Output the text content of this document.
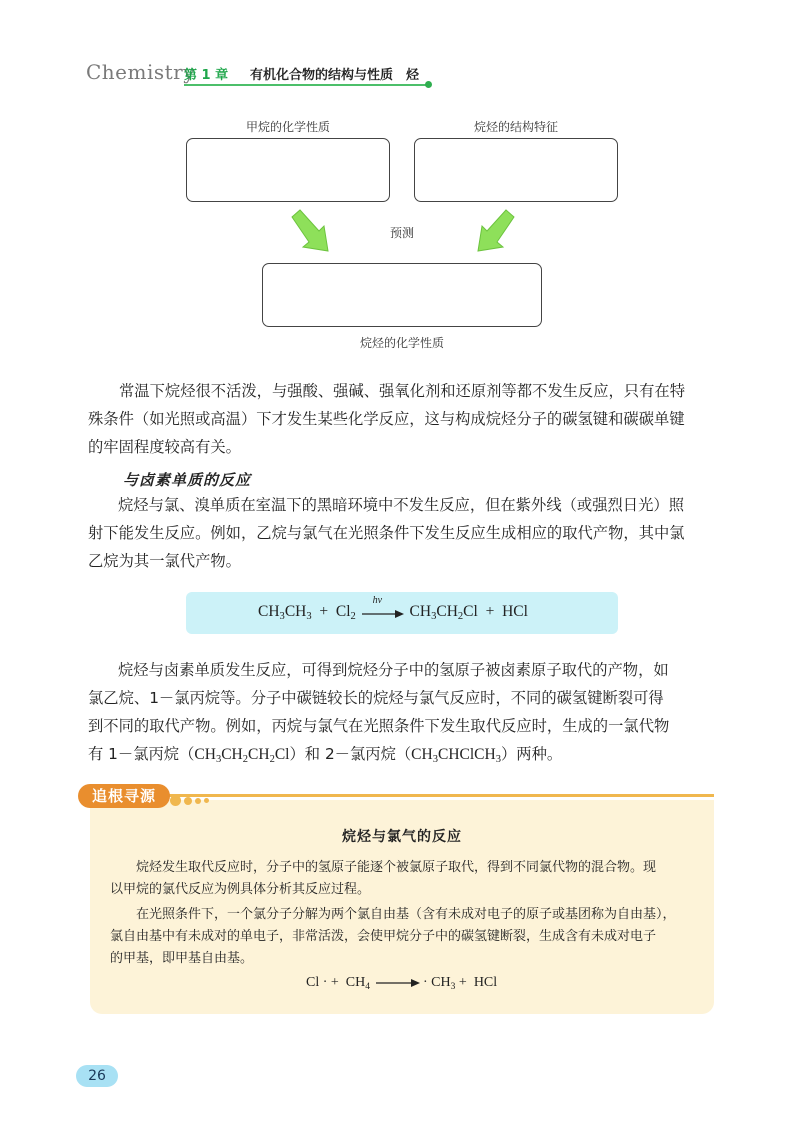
Chemistry
第 1 章 有机化合物的结构与性质　烃
甲烷的化学性质	烷烃的结构特征
预测
烷烃的化学性质
常温下烷烃很不活泼，与强酸、强碱、强氧化剂和还原剂等都不发生反应，只有在特
殊条件（如光照或高温）下才发生某些化学反应，这与构成烷烃分子的碳氢键和碳碳单键
的牢固程度较高有关。
与卤素单质的反应
烷烃与氯、溴单质在室温下的黑暗环境中不发生反应，但在紫外线（或强烈日光）照
射下能发生反应。例如，乙烷与氯气在光照条件下发生反应生成相应的取代产物，其中氯
乙烷为其一氯代产物。
$CH_3CH_3 + Cl_2$
hν
$CH_3CH_2Cl$ + HCl
烷烃与卤素单质发生反应，可得到烷烃分子中的氢原子被卤素原子取代的产物，如
氯乙烷、1－氯丙烷等。分子中碳链较长的烷烃与氯气反应时，不同的碳氢键断裂可得
到不同的取代产物。例如，丙烷与氯气在光照条件下发生取代反应时，生成的一氯代物
有 1－氯丙烷$(CH_3CH_2CH_2Cl)$和 2－氯丙烷$(CH_3CHClCH_3)$两种。
追根寻源
烷烃与氯气的反应
烷烃发生取代反应时，分子中的氢原子能逐个被氯原子取代，得到不同氯代物的混合物。现
以甲烷的氯代反应为例具体分析其反应过程。
在光照条件下，一个氯分子分解为两个氯自由基（含有未成对电子的原子或基团称为自由基），
氯自由基中有未成对的单电子，非常活泼，会使甲烷分子中的碳氢键断裂，生成含有未成对电子
的甲基，即甲基自由基。
Cl · + $CH_4$ → · $CH_3$ + HCl
26
